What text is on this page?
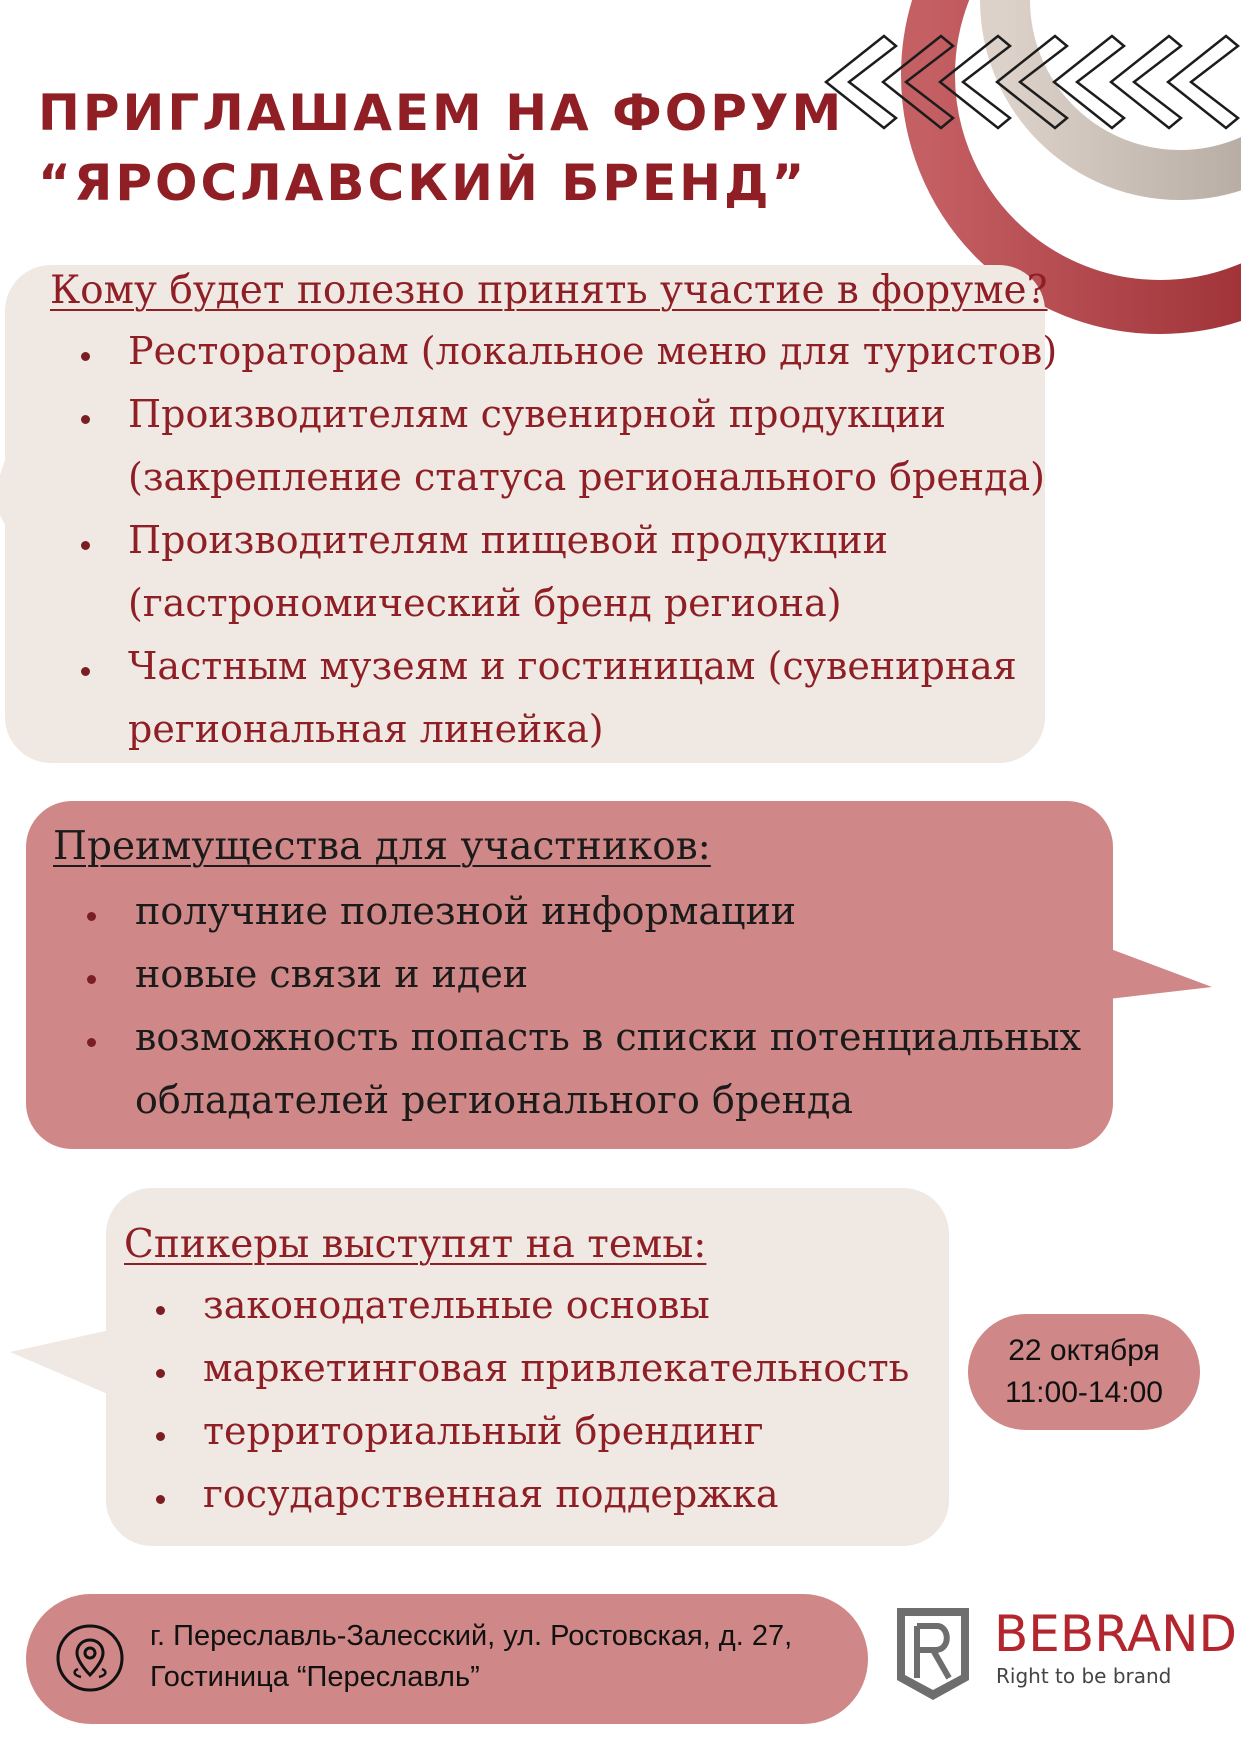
ПРИГЛАШАЕМ НА ФОРУМ
“ЯРОСЛАВСКИЙ БРЕНД”
Кому будет полезно принять участие в форуме?
Рестораторам (локальное меню для туристов)
Производителям сувенирной продукции
(закрепление статуса регионального бренда)
Производителям пищевой продукции
(гастрономический бренд региона)
Частным музеям и гостиницам (сувенирная
региональная линейка)
Преимущества для участников:
получние полезной информации
новые связи и идеи
возможность попасть в списки потенциальных
обладателей регионального бренда
Спикеры выступят на темы:
законодательные основы
маркетинговая привлекательность
территориальный брендинг
государственная поддержка
22 октября
11:00-14:00
г. Переславль-Залесский, ул. Ростовская, д. 27,
Гостиница “Переславль”
BEBRAND
Right to be brand
